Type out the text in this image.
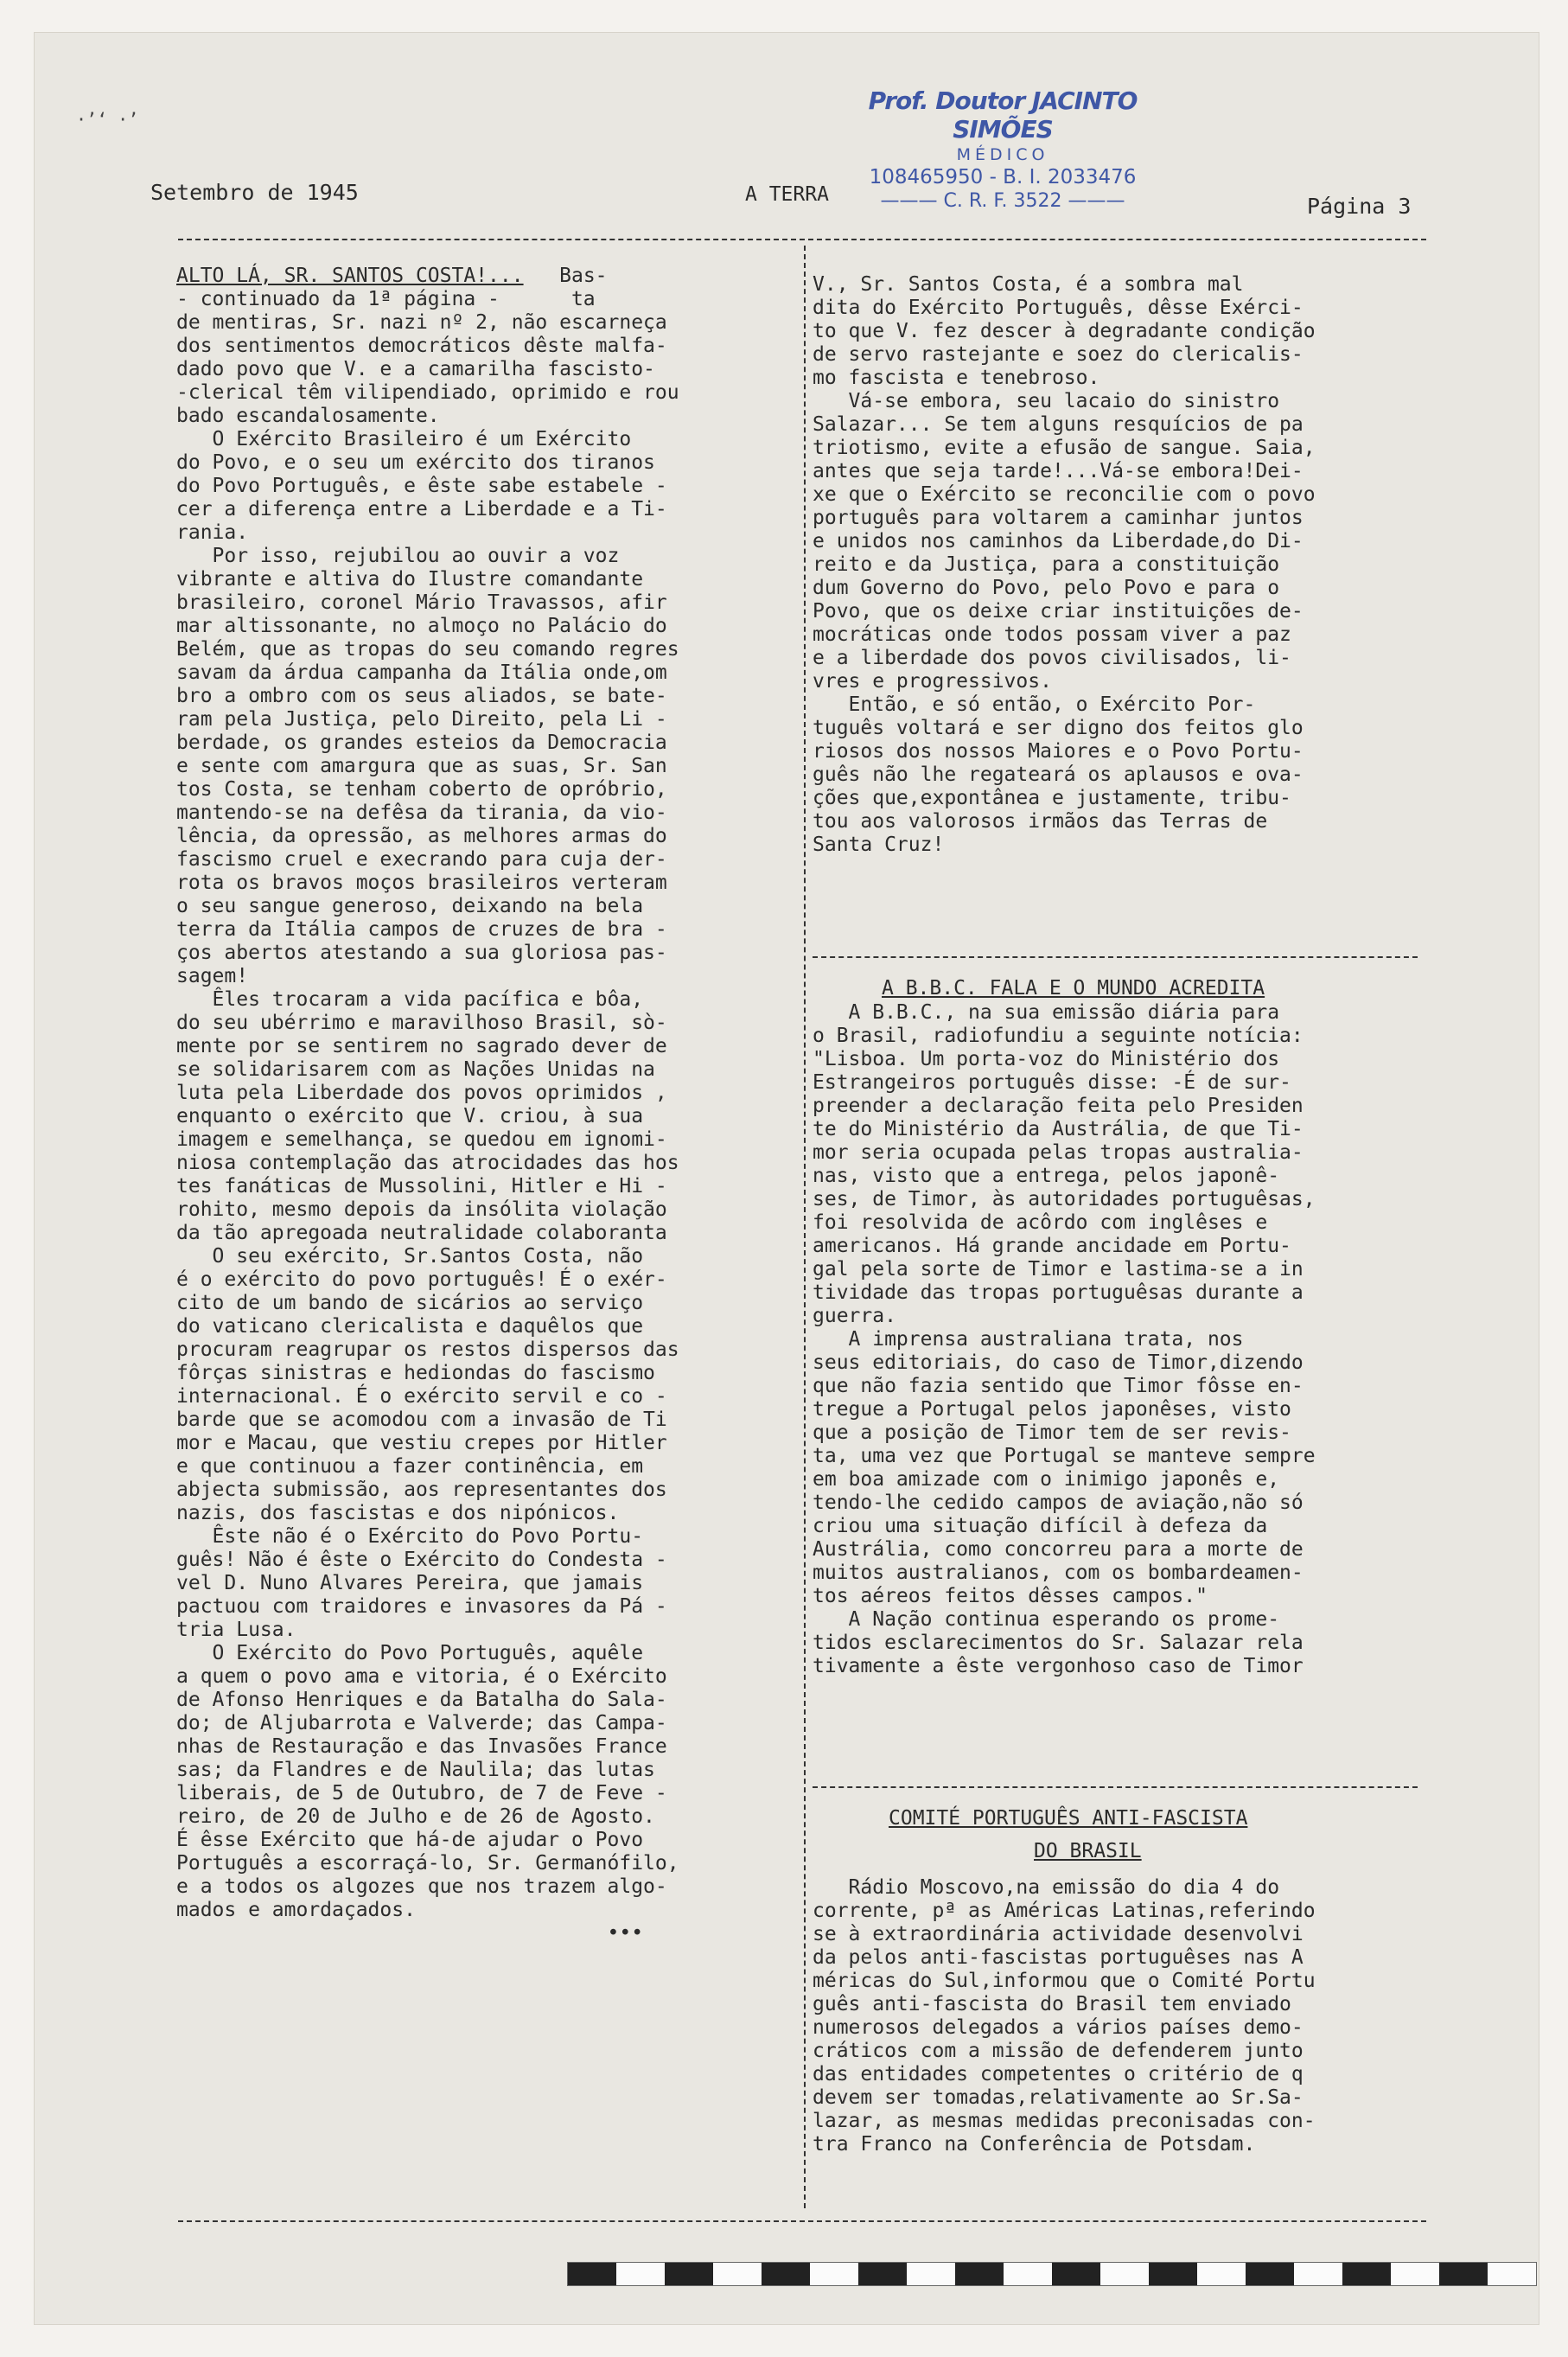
·’‘ ·’
Setembro de 1945	A TERRA	Página 3
Prof. Doutor JACINTO SIMÕES
MÉDICO
108465950 - B. I. 2033476
——— C. R. F. 3522 ———

ALTO LÁ, SR. SANTOS COSTA!...   Bas-

- continuado da 1ª página -      ta

de mentiras, Sr. nazi nº 2, não escarneça

dos sentimentos democráticos dêste malfa-

dado povo que V. e a camarilha fascisto-

-clerical têm vilipendiado, oprimido e rou

bado escandalosamente.

O Exército Brasileiro é um Exército

do Povo, e o seu um exército dos tiranos

do Povo Português, e êste sabe estabele -

cer a diferença entre a Liberdade e a Ti-

rania.

Por isso, rejubilou ao ouvir a voz

vibrante e altiva do Ilustre comandante

brasileiro, coronel Mário Travassos, afir

mar altissonante, no almoço no Palácio do

Belém, que as tropas do seu comando regres

savam da árdua campanha da Itália onde,om

bro a ombro com os seus aliados, se bate-

ram pela Justiça, pelo Direito, pela Li -

berdade, os grandes esteios da Democracia

e sente com amargura que as suas, Sr. San

tos Costa, se tenham coberto de opróbrio,

mantendo-se na defêsa da tirania, da vio-

lência, da opressão, as melhores armas do

fascismo cruel e execrando para cuja der-

rota os bravos moços brasileiros verteram

o seu sangue generoso, deixando na bela

terra da Itália campos de cruzes de bra -

ços abertos atestando a sua gloriosa pas-

sagem!

Êles trocaram a vida pacífica e bôa,

do seu ubérrimo e maravilhoso Brasil, sò-

mente por se sentirem no sagrado dever de

se solidarisarem com as Nações Unidas na

luta pela Liberdade dos povos oprimidos ,

enquanto o exército que V. criou, à sua

imagem e semelhança, se quedou em ignomi-

niosa contemplação das atrocidades das hos

tes fanáticas de Mussolini, Hitler e Hi -

rohito, mesmo depois da insólita violação

da tão apregoada neutralidade colaboranta

O seu exército, Sr.Santos Costa, não

é o exército do povo português! É o exér-

cito de um bando de sicários ao serviço

do vaticano clericalista e daquêlos que

procuram reagrupar os restos dispersos das

fôrças sinistras e hediondas do fascismo

internacional. É o exército servil e co -

barde que se acomodou com a invasão de Ti

mor e Macau, que vestiu crepes por Hitler

e que continuou a fazer continência, em

abjecta submissão, aos representantes dos

nazis, dos fascistas e dos nipónicos.

Êste não é o Exército do Povo Portu-

guês! Não é êste o Exército do Condesta -

vel D. Nuno Alvares Pereira, que jamais

pactuou com traidores e invasores da Pá -

tria Lusa.

O Exército do Povo Português, aquêle

a quem o povo ama e vitoria, é o Exército

de Afonso Henriques e da Batalha do Sala-

do; de Aljubarrota e Valverde; das Campa-

nhas de Restauração e das Invasões France

sas; da Flandres e de Naulila; das lutas

liberais, de 5 de Outubro, de 7 de Feve -

reiro, de 20 de Julho e de 26 de Agosto.

É êsse Exército que há-de ajudar o Povo

Português a escorraçá-lo, Sr. Germanófilo,

e a todos os algozes que nos trazem algo-

mados e amordaçados.

•••

V., Sr. Santos Costa, é a sombra mal

dita do Exército Português, dêsse Exérci-

to que V. fez descer à degradante condição

de servo rastejante e soez do clericalis-

mo fascista e tenebroso.

Vá-se embora, seu lacaio do sinistro

Salazar... Se tem alguns resquícios de pa

triotismo, evite a efusão de sangue. Saia,

antes que seja tarde!...Vá-se embora!Dei-

xe que o Exército se reconcilie com o povo

português para voltarem a caminhar juntos

e unidos nos caminhos da Liberdade,do Di-

reito e da Justiça, para a constituição

dum Governo do Povo, pelo Povo e para o

Povo, que os deixe criar instituições de-

mocráticas onde todos possam viver a paz

e a liberdade dos povos civilisados, li-

vres e progressivos.

Então, e só então, o Exército Por-

tuguês voltará e ser digno dos feitos glo

riosos dos nossos Maiores e o Povo Portu-

guês não lhe regateará os aplausos e ova-

ções que,expontânea e justamente, tribu-

tou aos valorosos irmãos das Terras de

Santa Cruz!

A B.B.C. FALA E O MUNDO ACREDITA

A B.B.C., na sua emissão diária para

o Brasil, radiofundiu a seguinte notícia:

"Lisboa. Um porta-voz do Ministério dos

Estrangeiros português disse: -É de sur-

preender a declaração feita pelo Presiden

te do Ministério da Austrália, de que Ti-

mor seria ocupada pelas tropas australia-

nas, visto que a entrega, pelos japonê-

ses, de Timor, às autoridades portuguêsas,

foi resolvida de acôrdo com inglêses e

americanos. Há grande ancidade em Portu-

gal pela sorte de Timor e lastima-se a in

tividade das tropas portuguêsas durante a

guerra.

A imprensa australiana trata, nos

seus editoriais, do caso de Timor,dizendo

que não fazia sentido que Timor fôsse en-

tregue a Portugal pelos japonêses, visto

que a posição de Timor tem de ser revis-

ta, uma vez que Portugal se manteve sempre

em boa amizade com o inimigo japonês e,

tendo-lhe cedido campos de aviação,não só

criou uma situação difícil à defeza da

Austrália, como concorreu para a morte de

muitos australianos, com os bombardeamen-

tos aéreos feitos dêsses campos."

A Nação continua esperando os prome-

tidos esclarecimentos do Sr. Salazar rela

tivamente a êste vergonhoso caso de Timor

COMITÉ PORTUGUÊS ANTI-FASCISTA
DO BRASIL

Rádio Moscovo,na emissão do dia 4 do

corrente, pª as Américas Latinas,referindo

se à extraordinária actividade desenvolvi

da pelos anti-fascistas portuguêses nas A

méricas do Sul,informou que o Comité Portu

guês anti-fascista do Brasil tem enviado

numerosos delegados a vários países demo-

cráticos com a missão de defenderem junto

das entidades competentes o critério de q

devem ser tomadas,relativamente ao Sr.Sa-

lazar, as mesmas medidas preconisadas con-

tra Franco na Conferência de Potsdam.
